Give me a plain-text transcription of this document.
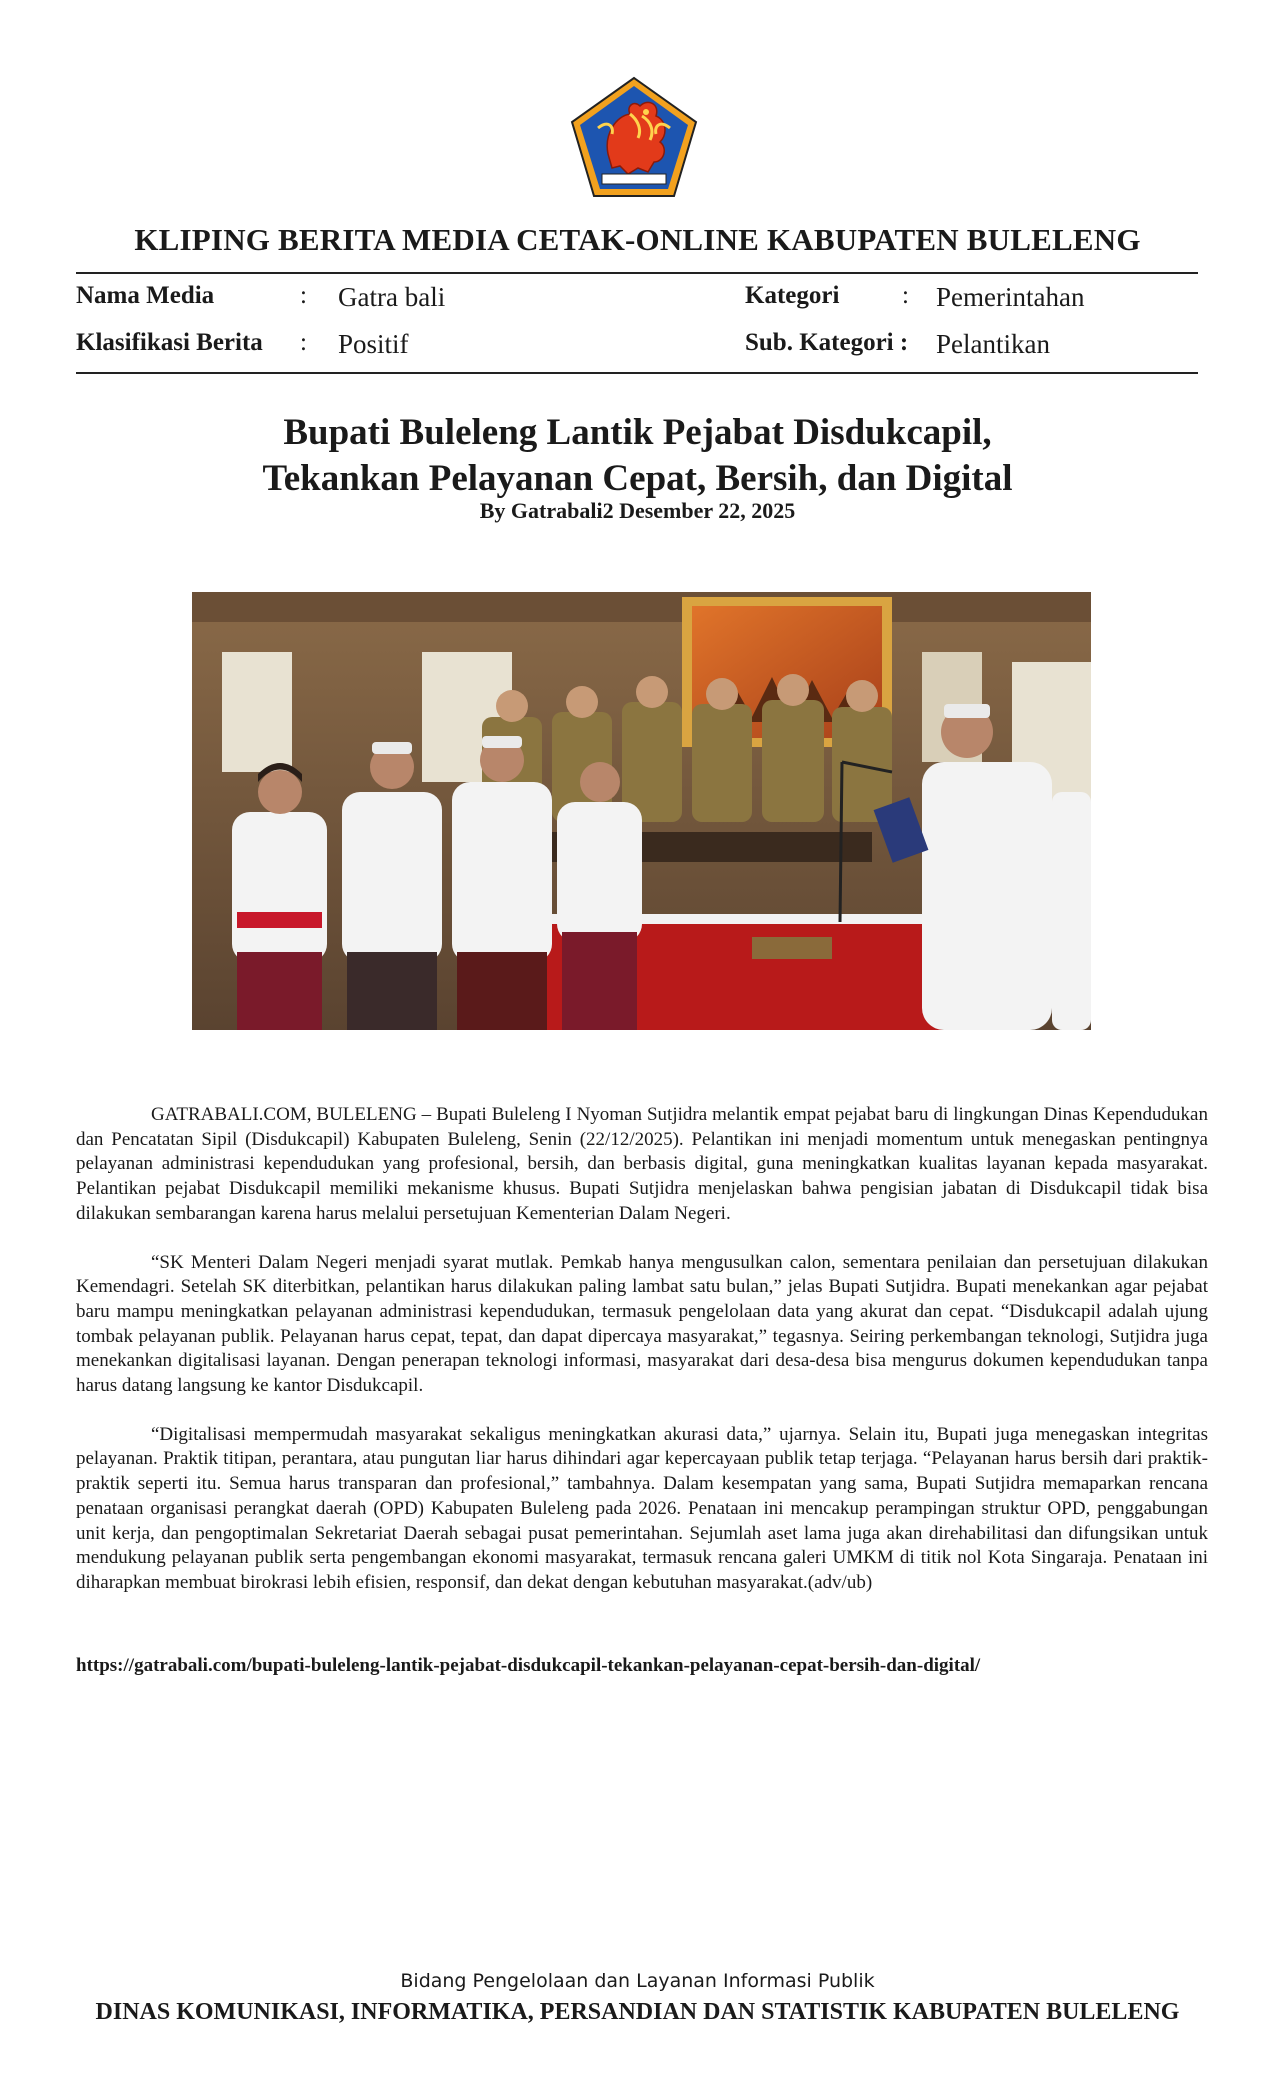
KLIPING BERITA MEDIA CETAK-ONLINE KABUPATEN BULELENG
Nama Media	: Gatra bali	Kategori	: Pemerintahan
Klasifikasi Berita : Positif	Sub. Kategori : Pelantikan
Bupati Buleleng Lantik Pejabat Disdukcapil,
Tekankan Pelayanan Cepat, Bersih, dan Digital
By Gatrabali2 Desember 22, 2025

GATRABALI.COM, BULELENG – Bupati Buleleng I Nyoman Sutjidra melantik empat pejabat baru di lingkungan Dinas Kependudukan dan Pencatatan Sipil (Disdukcapil) Kabupaten Buleleng, Senin (22/12/2025). Pelantikan ini menjadi momentum untuk menegaskan pentingnya pelayanan administrasi kependudukan yang profesional, bersih, dan berbasis digital, guna meningkatkan kualitas layanan kepada masyarakat. Pelantikan pejabat Disdukcapil memiliki mekanisme khusus. Bupati Sutjidra menjelaskan bahwa pengisian jabatan di Disdukcapil tidak bisa dilakukan sembarangan karena harus melalui persetujuan Kementerian Dalam Negeri.

“SK Menteri Dalam Negeri menjadi syarat mutlak. Pemkab hanya mengusulkan calon, sementara penilaian dan persetujuan dilakukan Kemendagri. Setelah SK diterbitkan, pelantikan harus dilakukan paling lambat satu bulan,” jelas Bupati Sutjidra. Bupati menekankan agar pejabat baru mampu meningkatkan pelayanan administrasi kependudukan, termasuk pengelolaan data yang akurat dan cepat. “Disdukcapil adalah ujung tombak pelayanan publik. Pelayanan harus cepat, tepat, dan dapat dipercaya masyarakat,” tegasnya. Seiring perkembangan teknologi, Sutjidra juga menekankan digitalisasi layanan. Dengan penerapan teknologi informasi, masyarakat dari desa-desa bisa mengurus dokumen kependudukan tanpa harus datang langsung ke kantor Disdukcapil.

“Digitalisasi mempermudah masyarakat sekaligus meningkatkan akurasi data,” ujarnya. Selain itu, Bupati juga menegaskan integritas pelayanan. Praktik titipan, perantara, atau pungutan liar harus dihindari agar kepercayaan publik tetap terjaga. “Pelayanan harus bersih dari praktik-praktik seperti itu. Semua harus transparan dan profesional,” tambahnya. Dalam kesempatan yang sama, Bupati Sutjidra memaparkan rencana penataan organisasi perangkat daerah (OPD) Kabupaten Buleleng pada 2026. Penataan ini mencakup perampingan struktur OPD, penggabungan unit kerja, dan pengoptimalan Sekretariat Daerah sebagai pusat pemerintahan. Sejumlah aset lama juga akan direhabilitasi dan difungsikan untuk mendukung pelayanan publik serta pengembangan ekonomi masyarakat, termasuk rencana galeri UMKM di titik nol Kota Singaraja. Penataan ini diharapkan membuat birokrasi lebih efisien, responsif, dan dekat dengan kebutuhan masyarakat.(adv/ub)

https://gatrabali.com/bupati-buleleng-lantik-pejabat-disdukcapil-tekankan-pelayanan-cepat-bersih-dan-digital/
Bidang Pengelolaan dan Layanan Informasi Publik
DINAS KOMUNIKASI, INFORMATIKA, PERSANDIAN DAN STATISTIK KABUPATEN BULELENG
